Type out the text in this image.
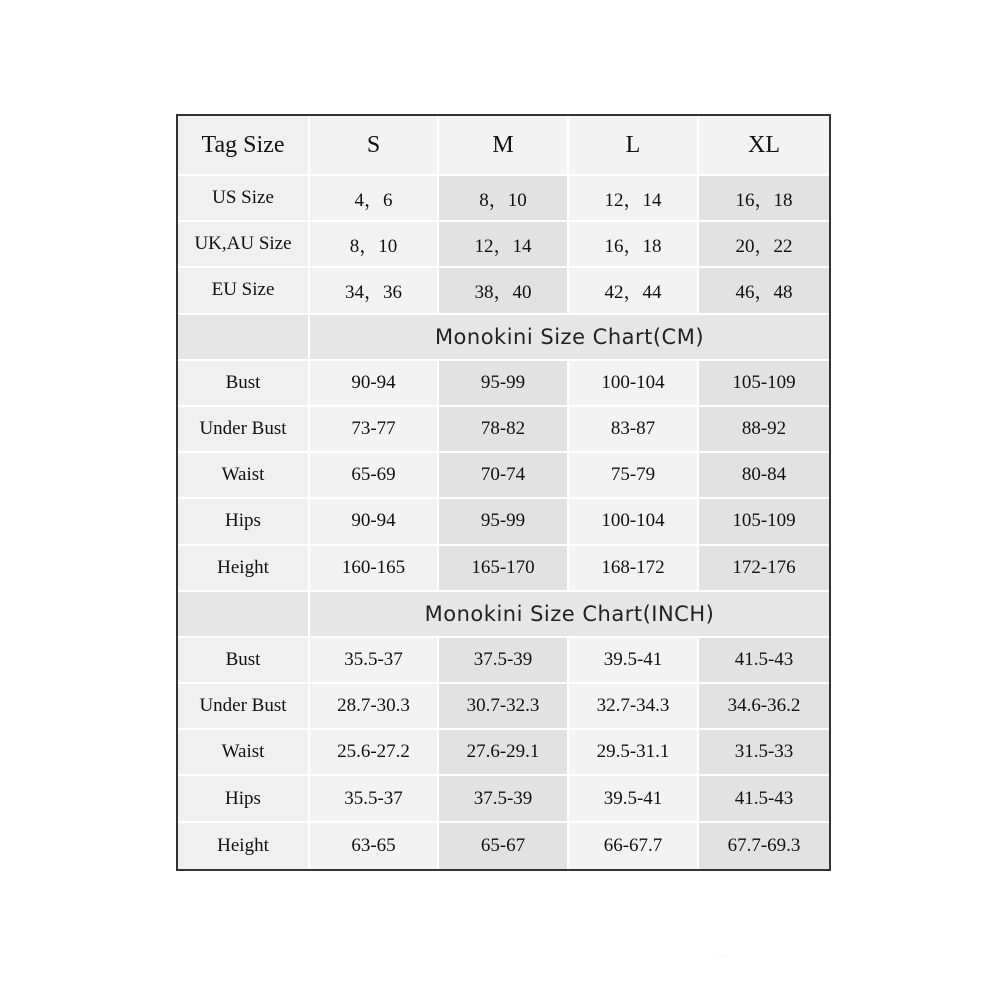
Tag Size	S	M	L	XL
US Size	4，6	8，10	12，14	16，18
UK,AU Size	8，10	12，14	16，18	20，22
EU Size	34，36	38，40	42，44	46，48
	Monokini Size Chart(CM)			
Bust	90-94	95-99	100-104	105-109
Under Bust	73-77	78-82	83-87	88-92
Waist	65-69	70-74	75-79	80-84
Hips	90-94	95-99	100-104	105-109
Height	160-165	165-170	168-172	172-176
	Monokini Size Chart(INCH)			
Bust	35.5-37	37.5-39	39.5-41	41.5-43
Under Bust	28.7-30.3	30.7-32.3	32.7-34.3	34.6-36.2
Waist	25.6-27.2	27.6-29.1	29.5-31.1	31.5-33
Hips	35.5-37	37.5-39	39.5-41	41.5-43
Height	63-65	65-67	66-67.7	67.7-69.3
· · ·
